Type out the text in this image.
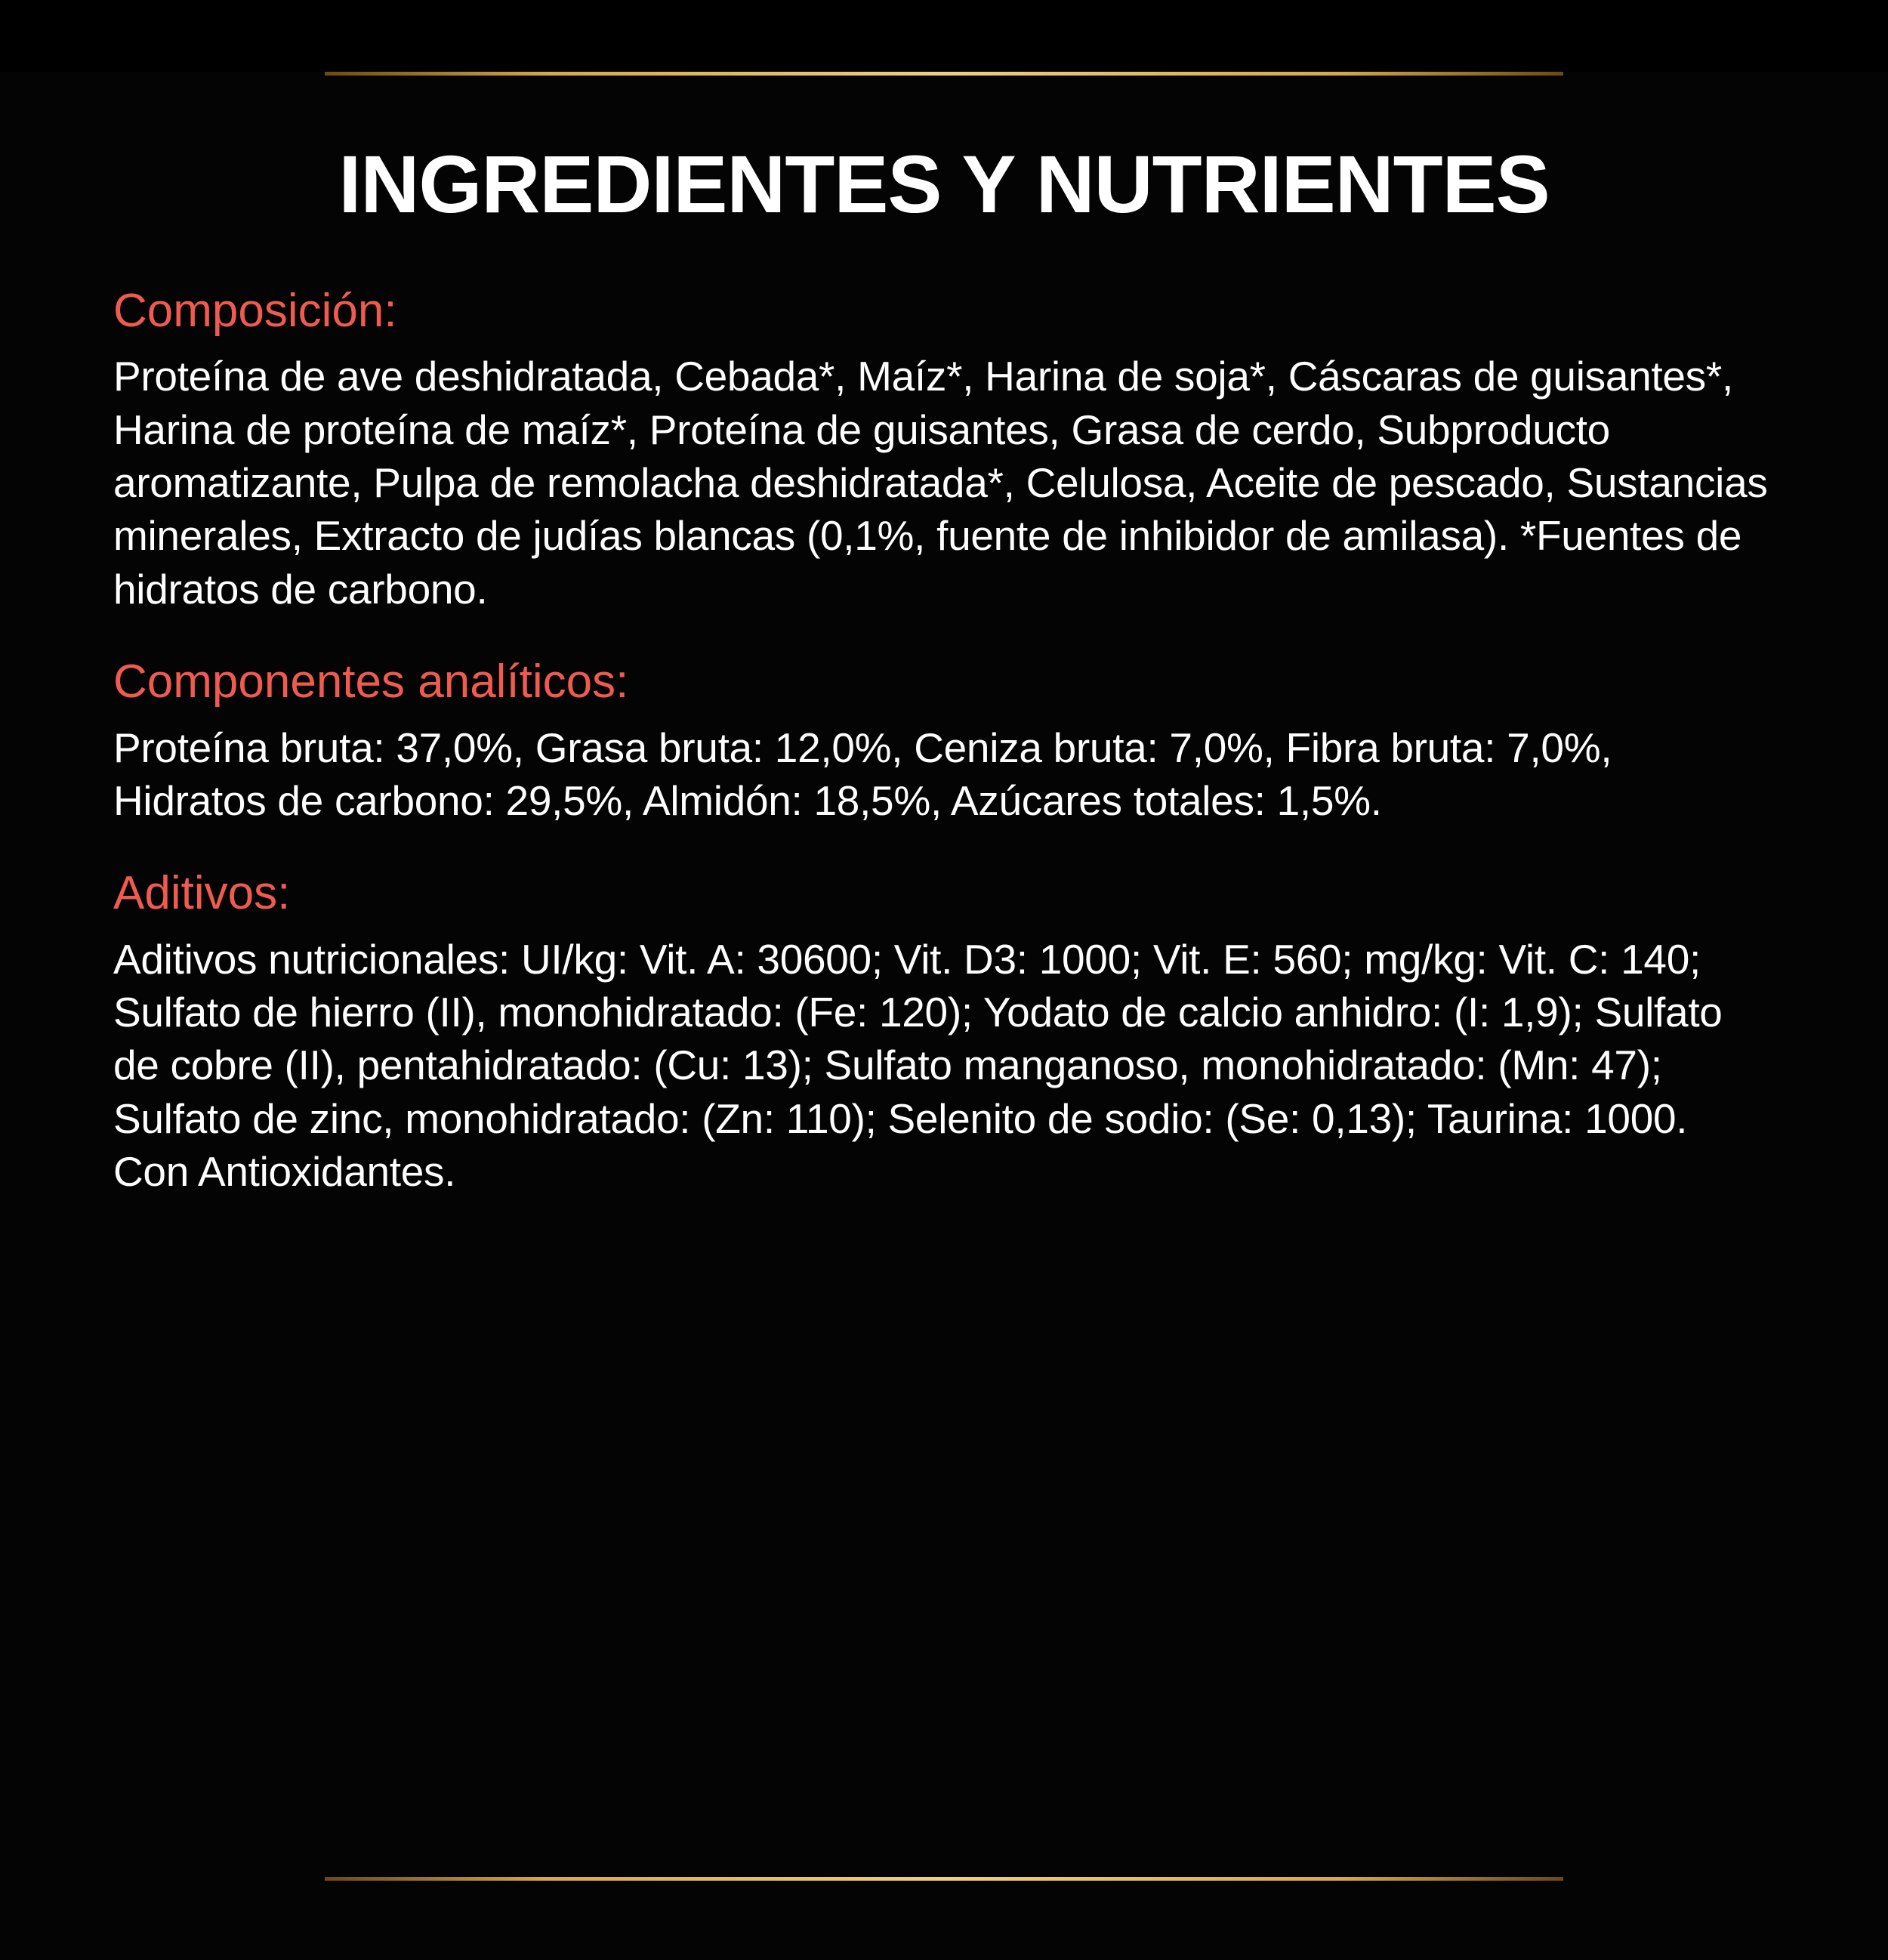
INGREDIENTES Y NUTRIENTES
Composición:

Proteína de ave deshidratada, Cebada*, Maíz*, Harina de soja*, Cáscaras de guisantes*, Harina de proteína de maíz*, Proteína de guisantes, Grasa de cerdo, Subproducto aromatizante, Pulpa de remolacha deshidratada*, Celulosa, Aceite de pescado, Sustancias minerales, Extracto de judías blancas (0,1%, fuente de inhibidor de amilasa). *Fuentes de hidratos de carbono.

Componentes analíticos:

Proteína bruta: 37,0%, Grasa bruta: 12,0%, Ceniza bruta: 7,0%, Fibra bruta: 7,0%, Hidratos de carbono: 29,5%, Almidón: 18,5%, Azúcares totales: 1,5%.

Aditivos:

Aditivos nutricionales: UI/kg: Vit. A: 30600; Vit. D3: 1000; Vit. E: 560; mg/kg: Vit. C: 140; Sulfato de hierro (II), monohidratado: (Fe: 120); Yodato de calcio anhidro: (I: 1,9); Sulfato de cobre (II), pentahidratado: (Cu: 13); Sulfato manganoso, monohidratado: (Mn: 47); Sulfato de zinc, monohidratado: (Zn: 110); Selenito de sodio: (Se: 0,13); Taurina: 1000. Con Antioxidantes.
